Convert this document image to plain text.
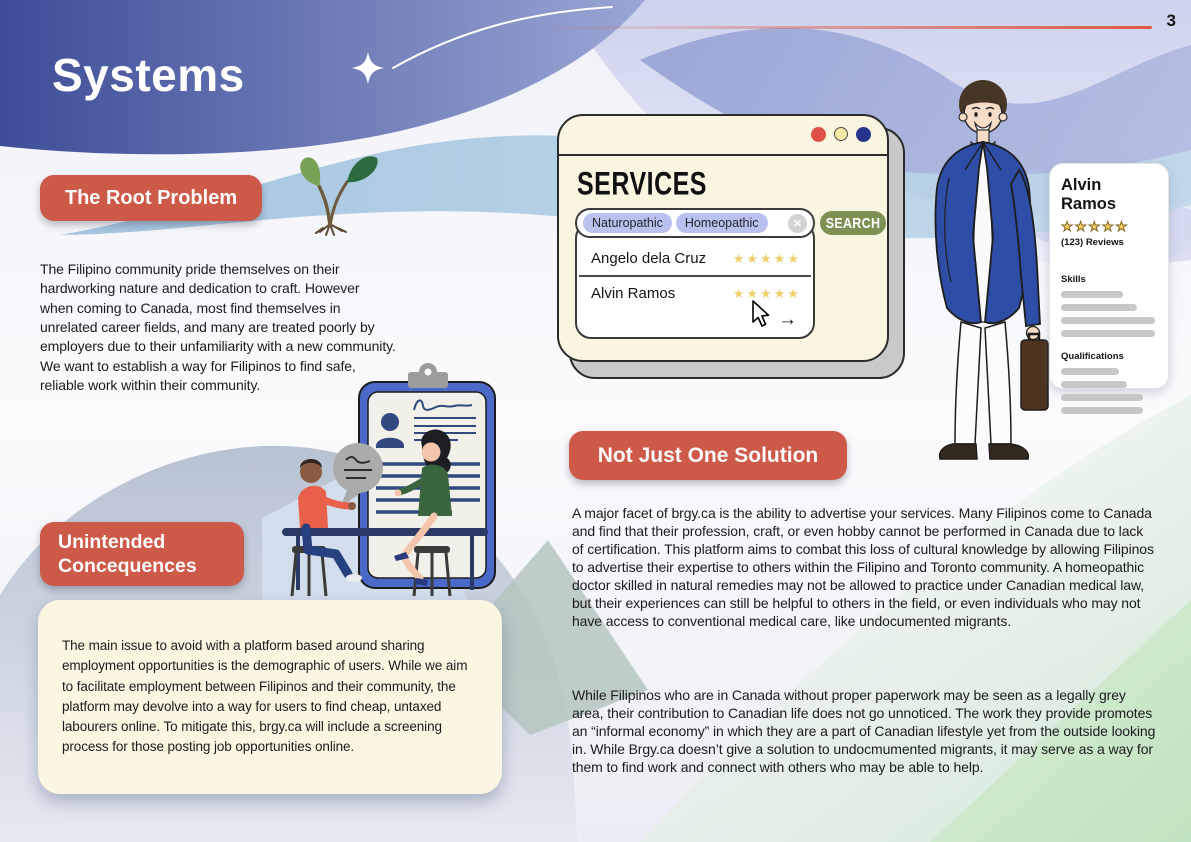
3
Systems
The Root Problem

The Filipino community pride themselves on their hardworking nature and dedication to craft. However when coming to Canada, most find themselves in unrelated career fields, and many are treated poorly by employers due to their unfamiliarity with a new community. We want to establish a way for Filipinos to find safe, reliable work within their community.

Unintended Concequences

The main issue to avoid with a platform based around sharing employment opportunities is the demographic of users. While we aim to facilitate employment between Filipinos and their community, the platform may devolve into a way for users to find cheap, untaxed labourers online. To mitigate this, brgy.ca will include a screening process for those posting job opportunities online.

SERVICES
Naturopathic	Homeopathic	✕	SEARCH
Angelo dela Cruz ★★★★★
Alvin Ramos	★★★★★
→
Alvin Ramos
★★★★★
(123) Reviews
Skills
Qualifications
Not Just One Solution

A major facet of brgy.ca is the ability to advertise your services. Many Filipinos come to Canada and find that their profession, craft, or even hobby cannot be performed in Canada due to lack of certification. This platform aims to combat this loss of cultural knowledge by allowing Filipinos to advertise their expertise to others within the Filipino and Toronto community. A homeopathic doctor skilled in natural remedies may not be allowed to practice under Canadian medical law, but their experiences can still be helpful to others in the field, or even individuals who may not have access to conventional medical care, like undocumented migrants.

While Filipinos who are in Canada without proper paperwork may be seen as a legally grey area, their contribution to Canadian life does not go unnoticed. The work they provide promotes an “informal economy” in which they are a part of Canadian lifestyle yet from the outside looking in. While Brgy.ca doesn’t give a solution to undocmumented migrants, it may serve as a way for them to find work and connect with others who may be able to help.
